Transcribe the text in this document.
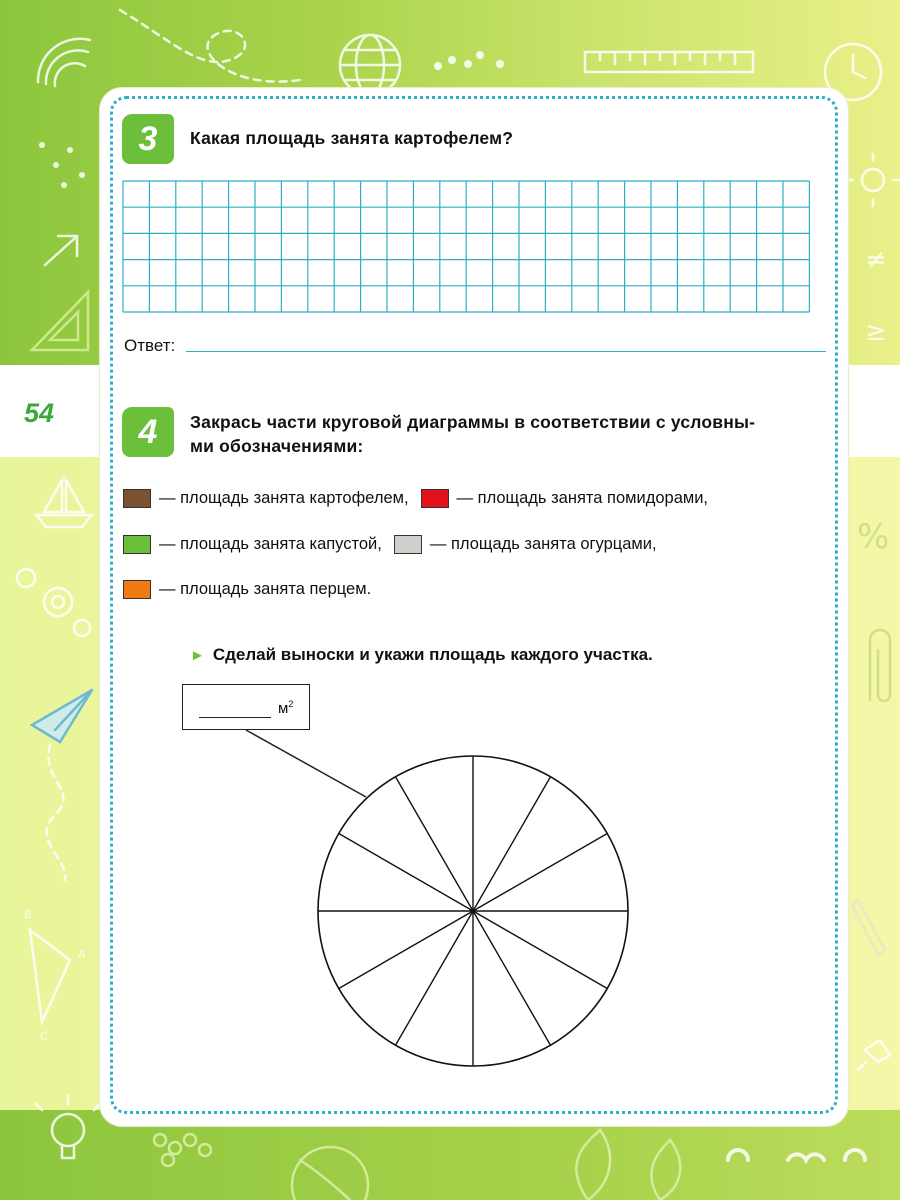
≠
≥
B
A
C
%
54
3 Какая площадь занята картофелем?
Ответ:
4 Закрась части круговой диаграммы в соответствии с условны-
ми обозначениями:
— площадь занята картофелем,	— площадь занята помидорами,
— площадь занята капустой,	— площадь занята огурцами,
— площадь занята перцем.
► Сделай выноски и укажи площадь каждого участка.
$м^2$
